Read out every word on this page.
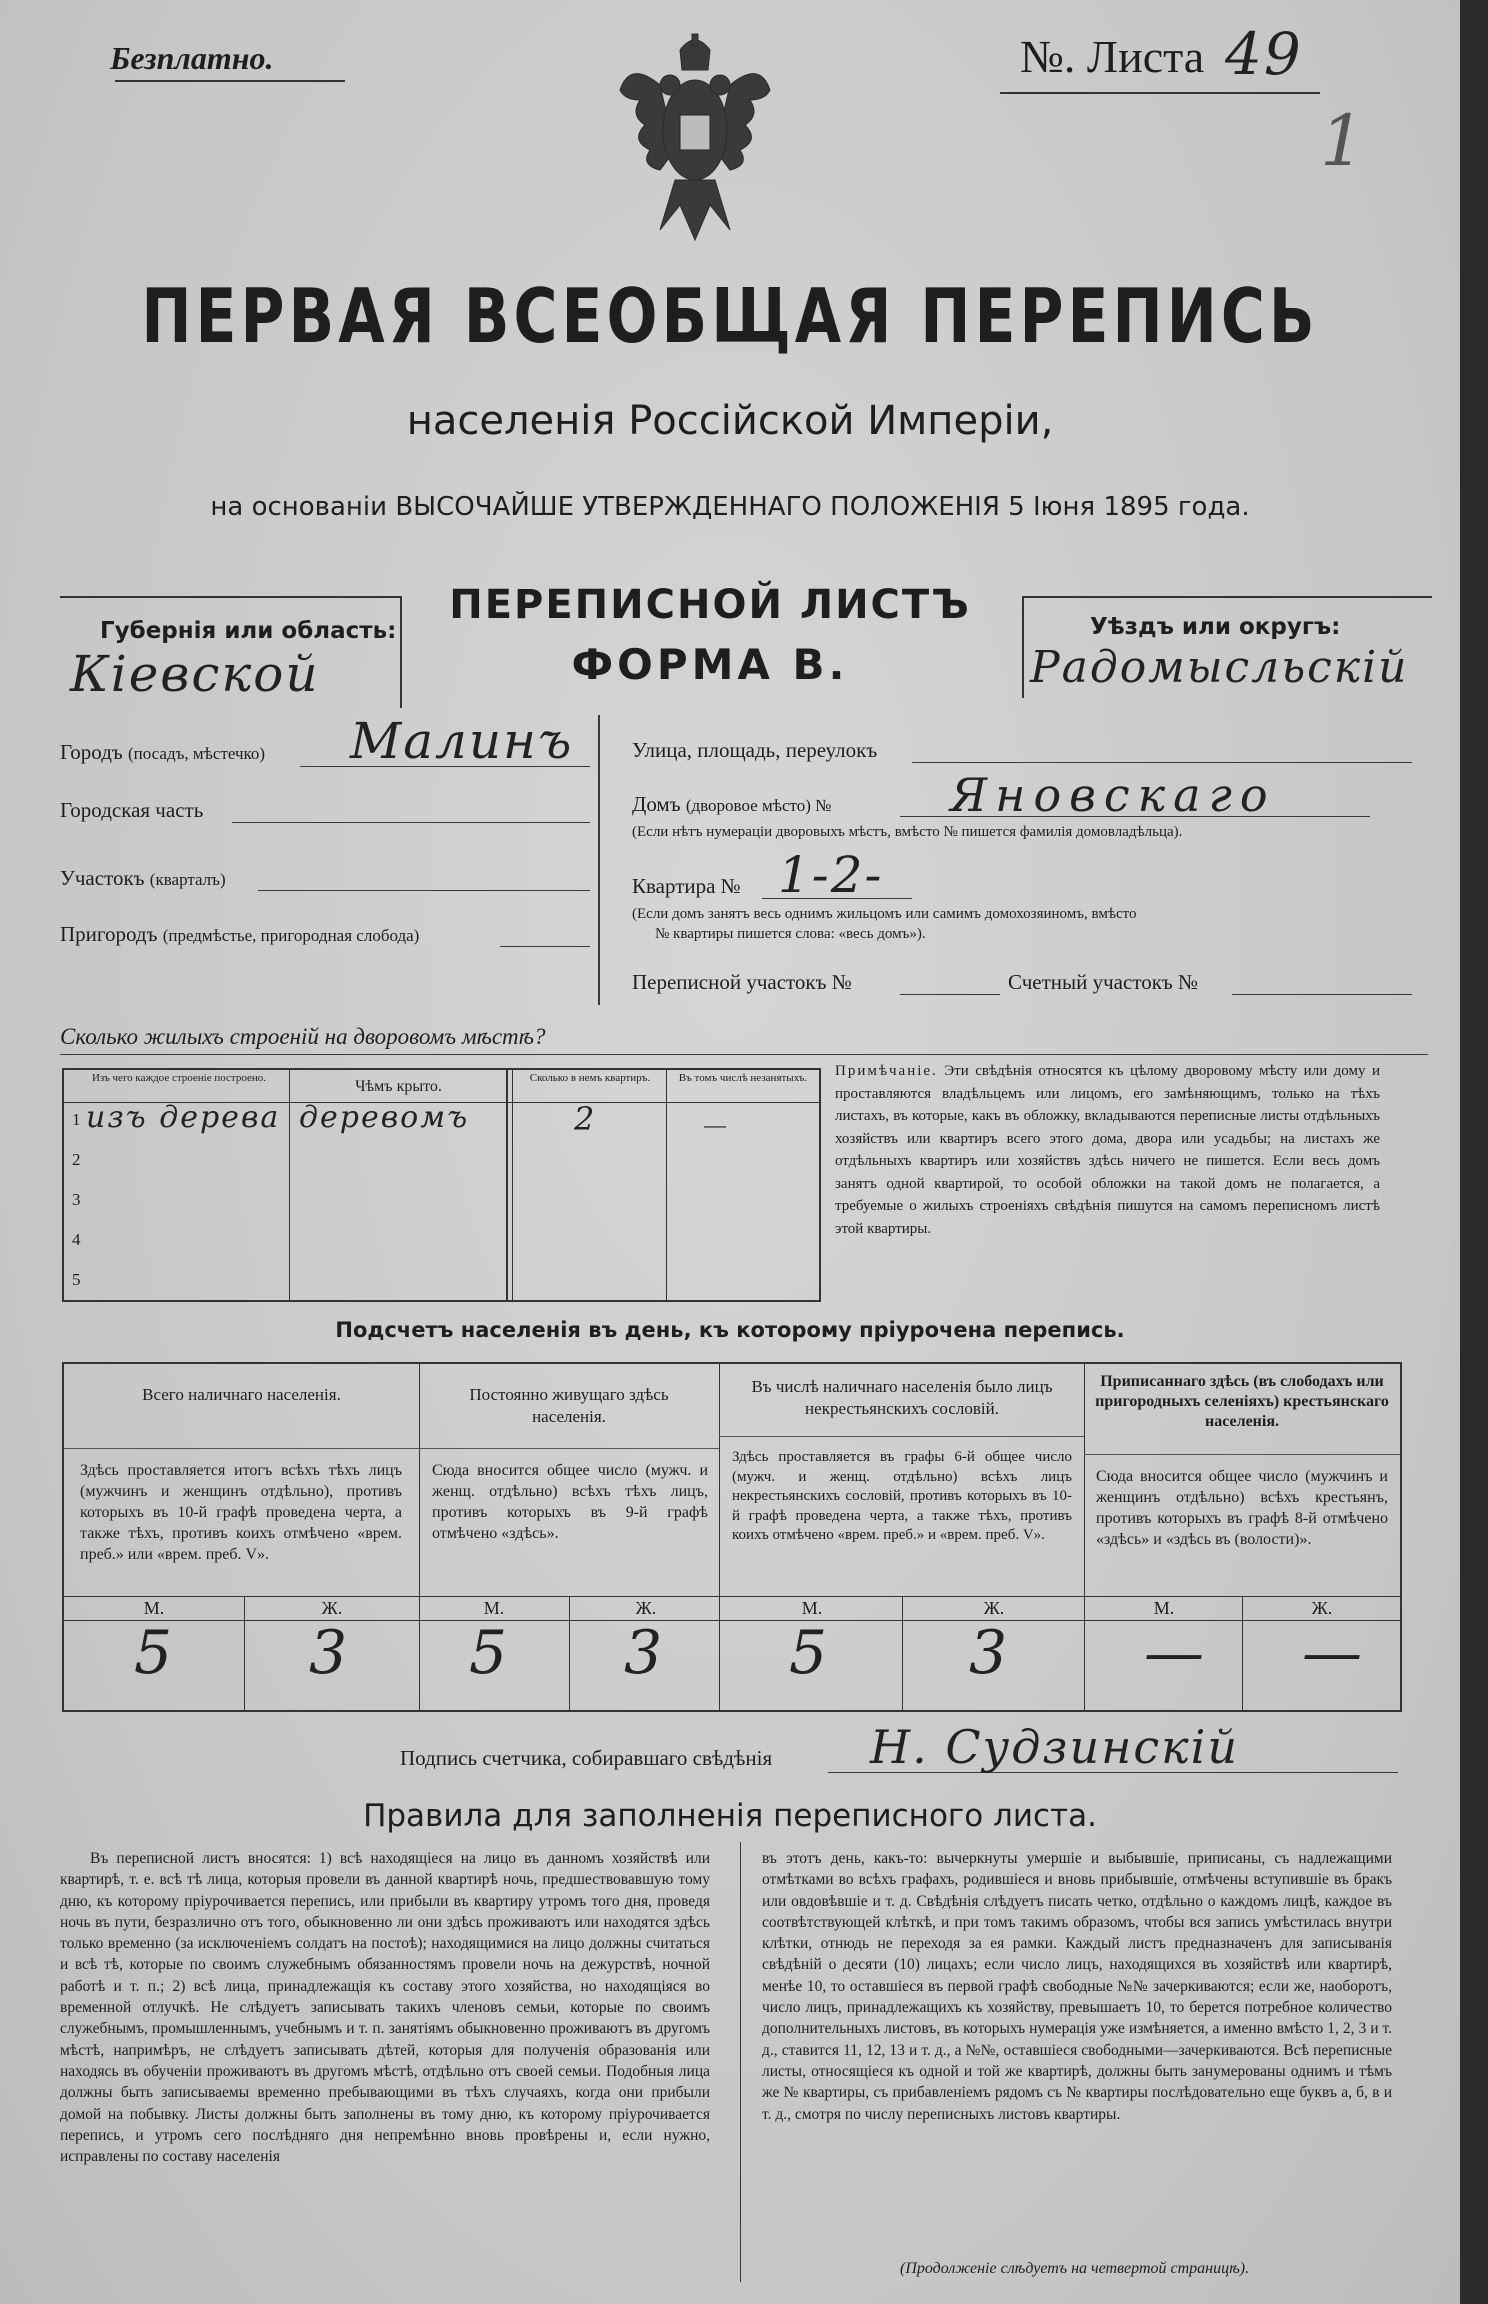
Безплатно.	№. Листа 49
1
ПЕРВАЯ ВСЕОБЩАЯ ПЕРЕПИСЬ
населенія Россійской Имперіи,
на основаніи ВЫСОЧАЙШЕ УТВЕРЖДЕННАГО ПОЛОЖЕНІЯ 5 Іюня 1895 года.
Губернія или область:
Кіевской
ПЕРЕПИСНОЙ ЛИСТЪ
ФОРМА В.
Уѣздъ или округъ:
Радомысльскій
Городъ (посадъ, мѣстечко) Малинъ
Городская часть
Участокъ (кварталъ)
Пригородъ (предмѣстье, пригородная слобода)
Улица, площадь, переулокъ
Домъ (дворовое мѣсто) №	Яновскаго
(Если нѣтъ нумераціи дворовыхъ мѣстъ, вмѣсто № пишется фамилія домовладѣльца).
Квартира № 1-2-
(Если домъ занятъ весь однимъ жильцомъ или самимъ домохозяиномъ, вмѣсто
№ квартиры пишется слова: «весь домъ»).
Переписной участокъ №	Счетный участокъ №
Сколько жилыхъ строеній на дворовомъ мѣстѣ?
Изъ чего каждое строеніе построено.	Чѣмъ крыто.	Сколько в немъ квартиръ.	Въ томъ числѣ незанятыхъ.
1 изъ дерева деревомъ	2	—
2
3
4
5
Примѣчаніе. Эти свѣдѣнія относятся къ цѣлому дворовому мѣсту или дому и проставляются владѣльцемъ или лицомъ, его замѣняющимъ, только на тѣхъ листахъ, въ которые, какъ въ обложку, вкладываются переписные листы отдѣльныхъ хозяйствъ или квартиръ всего этого дома, двора или усадьбы; на листахъ же отдѣльныхъ квартиръ или хозяйствъ здѣсь ничего не пишется. Если весь домъ занятъ одной квартирой, то особой обложки на такой домъ не полагается, а требуемые о жилыхъ строеніяхъ свѣдѣнія пишутся на самомъ переписномъ листѣ этой квартиры.
Подсчетъ населенія въ день, къ которому пріурочена перепись.
Всего наличнаго населенія.
Здѣсь проставляется итогъ всѣхъ тѣхъ лицъ (мужчинъ и женщинъ отдѣльно), противъ которыхъ въ 10-й графѣ проведена черта, а также тѣхъ, противъ коихъ отмѣчено «врем. преб.» или «врем. преб. V».
М.	Ж.
5 3
Постоянно живущаго здѣсь населенія.
Сюда вносится общее число (мужч. и женщ. отдѣльно) всѣхъ тѣхъ лицъ, противъ которыхъ въ 9-й графѣ отмѣчено «здѣсь».
М.	Ж.
5 3
Въ числѣ наличнаго населенія было лицъ некрестьянскихъ сословій.
Здѣсь проставляется въ графы 6-й общее число (мужч. и женщ. отдѣльно) всѣхъ лицъ некрестьянскихъ сословій, противъ которыхъ въ 10-й графѣ проведена черта, а также тѣхъ, противъ коихъ отмѣчено «врем. преб.» и «врем. преб. V».
М.	Ж.
5 3
Приписаннаго здѣсь (въ слободахъ или пригородныхъ селеніяхъ) крестьянскаго населенія.
Сюда вносится общее число (мужчинъ и женщинъ отдѣльно) всѣхъ крестьянъ, противъ которыхъ въ графѣ 8-й отмѣчено «здѣсь» и «здѣсь въ (волости)».
М.	Ж.
— —
Подпись счетчика, собиравшаго свѣдѣнія Н. Судзинскій
Правила для заполненія переписного листа.
Въ переписной листъ вносятся: 1) всѣ находящіеся на лицо въ данномъ хозяйствѣ или квартирѣ, т. е. всѣ тѣ лица, которыя провели въ данной квартирѣ ночь, предшествовавшую тому дню, къ которому пріурочивается перепись, или прибыли въ квартиру утромъ того дня, проведя ночь въ пути, безразлично отъ того, обыкновенно ли они здѣсь проживаютъ или находятся здѣсь только временно (за исключеніемъ солдатъ на постоѣ); находящимися на лицо должны считаться и всѣ тѣ, которые по своимъ служебнымъ обязанностямъ провели ночь на дежурствѣ, ночной работѣ и т. п.; 2) всѣ лица, принадлежащія къ составу этого хозяйства, но находящіяся во временной отлучкѣ. Не слѣдуетъ записывать такихъ членовъ семьи, которые по своимъ служебнымъ, промышленнымъ, учебнымъ и т. п. занятіямъ обыкновенно проживаютъ въ другомъ мѣстѣ, напримѣръ, не слѣдуетъ записывать дѣтей, которыя для полученія образованія или находясь въ обученіи проживаютъ въ другомъ мѣстѣ, отдѣльно отъ своей семьи. Подобныя лица должны быть записываемы временно пребывающими въ тѣхъ случаяхъ, когда они прибыли домой на побывку. Листы должны быть заполнены въ тому дню, къ которому пріурочивается перепись, и утромъ сего послѣдняго дня непремѣнно вновь провѣрены и, если нужно, исправлены по составу населенія
въ этотъ день, какъ-то: вычеркнуты умершіе и выбывшіе, приписаны, съ надлежащими отмѣтками во всѣхъ графахъ, родившіеся и вновь прибывшіе, отмѣчены вступившіе въ бракъ или овдовѣвшіе и т. д. Свѣдѣнія слѣдуетъ писать четко, отдѣльно о каждомъ лицѣ, каждое въ соотвѣтствующей клѣткѣ, и при томъ такимъ образомъ, чтобы вся запись умѣстилась внутри клѣтки, отнюдь не переходя за ея рамки. Каждый листъ предназначенъ для записыванія свѣдѣній о десяти (10) лицахъ; если число лицъ, находящихся въ хозяйствѣ или квартирѣ, менѣе 10, то оставшіеся въ первой графѣ свободные №№ зачеркиваются; если же, наоборотъ, число лицъ, принадлежащихъ къ хозяйству, превышаетъ 10, то берется потребное количество дополнительныхъ листовъ, въ которыхъ нумерація уже измѣняется, а именно вмѣсто 1, 2, 3 и т. д., ставится 11, 12, 13 и т. д., а №№, оставшіеся свободными—зачеркиваются. Всѣ переписные листы, относящіеся къ одной и той же квартирѣ, должны быть занумерованы однимъ и тѣмъ же № квартиры, съ прибавленіемъ рядомъ съ № квартиры послѣдовательно еще буквъ а, б, в и т. д., смотря по числу переписныхъ листовъ квартиры.
(Продолженіе слѣдуетъ на четвертой страницѣ).
